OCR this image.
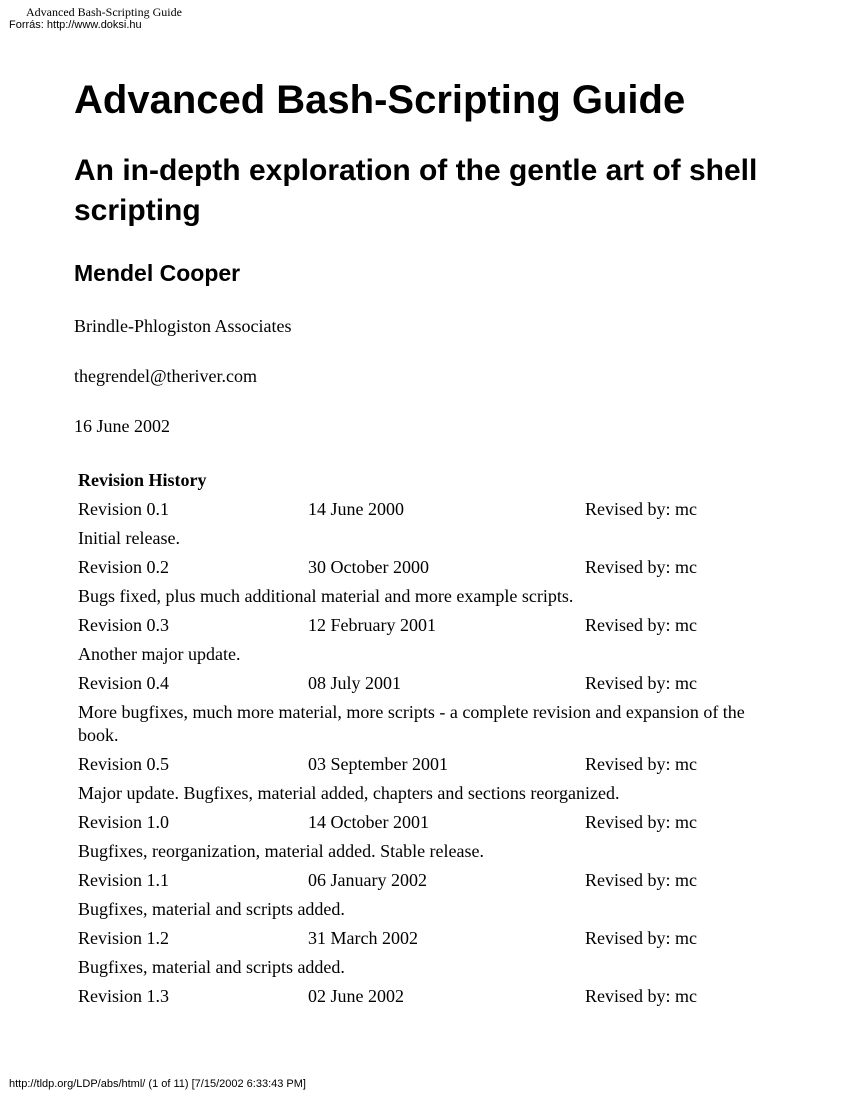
Advanced Bash-Scripting Guide
Forrás: http://www.doksi.hu
Advanced Bash-Scripting Guide
An in-depth exploration of the gentle art of shell scripting
Mendel Cooper

Brindle-Phlogiston Associates

thegrendel@theriver.com

16 June 2002

Revision History
Revision 0.1	14 June 2000	Revised by: mc
Initial release.
Revision 0.2	30 October 2000	Revised by: mc
Bugs fixed, plus much additional material and more example scripts.
Revision 0.3	12 February 2001	Revised by: mc
Another major update.
Revision 0.4	08 July 2001	Revised by: mc
More bugfixes, much more material, more scripts - a complete revision and expansion of the book.
Revision 0.5	03 September 2001	Revised by: mc
Major update. Bugfixes, material added, chapters and sections reorganized.
Revision 1.0	14 October 2001	Revised by: mc
Bugfixes, reorganization, material added. Stable release.
Revision 1.1	06 January 2002	Revised by: mc
Bugfixes, material and scripts added.
Revision 1.2	31 March 2002	Revised by: mc
Bugfixes, material and scripts added.
Revision 1.3	02 June 2002	Revised by: mc
http://tldp.org/LDP/abs/html/ (1 of 11) [7/15/2002 6:33:43 PM]
